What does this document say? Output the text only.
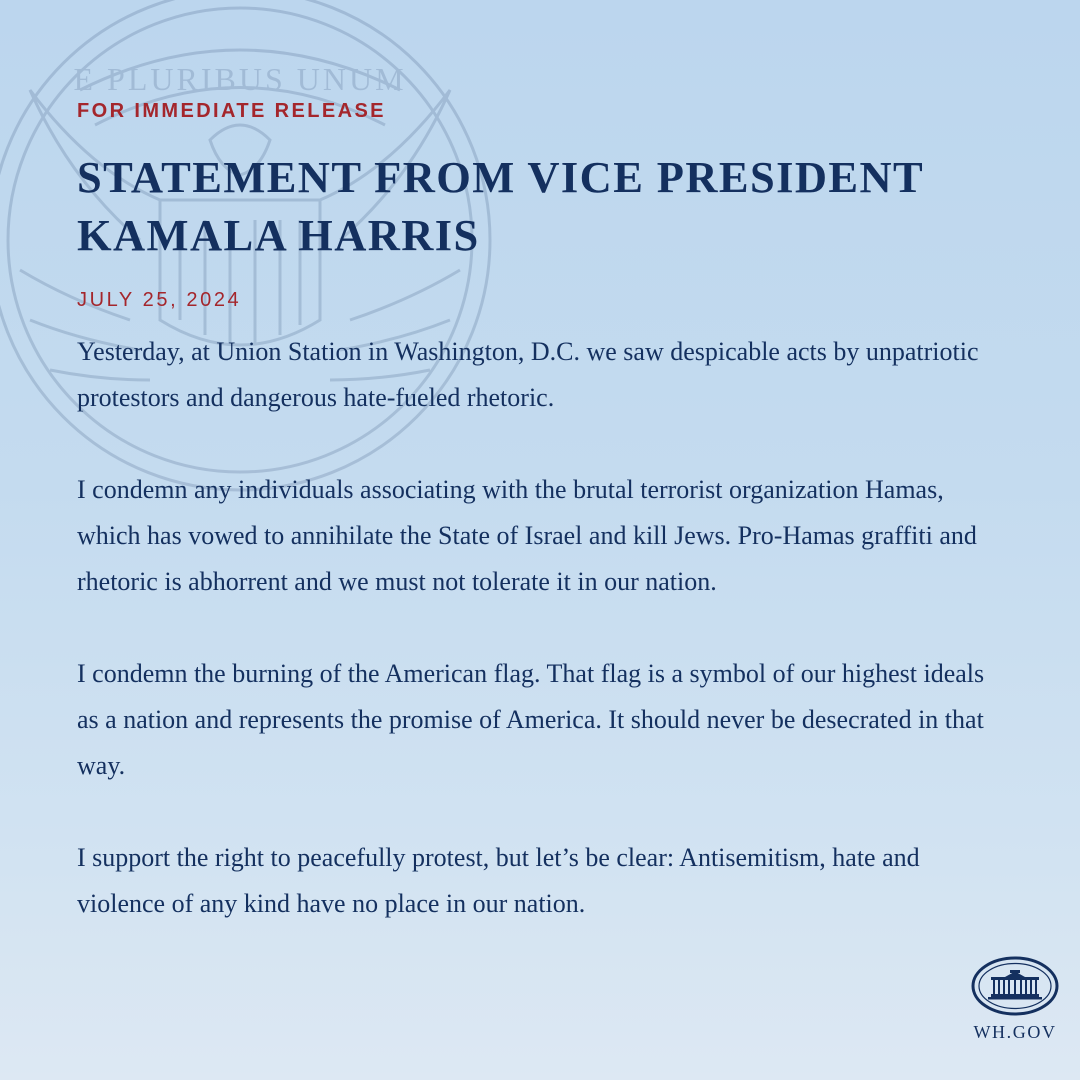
E PLURIBUS UNUM

FOR IMMEDIATE RELEASE

STATEMENT FROM VICE PRESIDENT
KAMALA HARRIS

JULY 25, 2024

Yesterday, at Union Station in Washington, D.C. we saw despicable acts by unpatriotic protestors and dangerous hate-fueled rhetoric.

I condemn any individuals associating with the brutal terrorist organization Hamas, which has vowed to annihilate the State of Israel and kill Jews. Pro-Hamas graffiti and rhetoric is abhorrent and we must not tolerate it in our nation.

I condemn the burning of the American flag. That flag is a symbol of our highest ideals as a nation and represents the promise of America. It should never be desecrated in that way.

I support the right to peacefully protest, but let’s be clear: Antisemitism, hate and violence of any kind have no place in our nation.

WH.GOV
